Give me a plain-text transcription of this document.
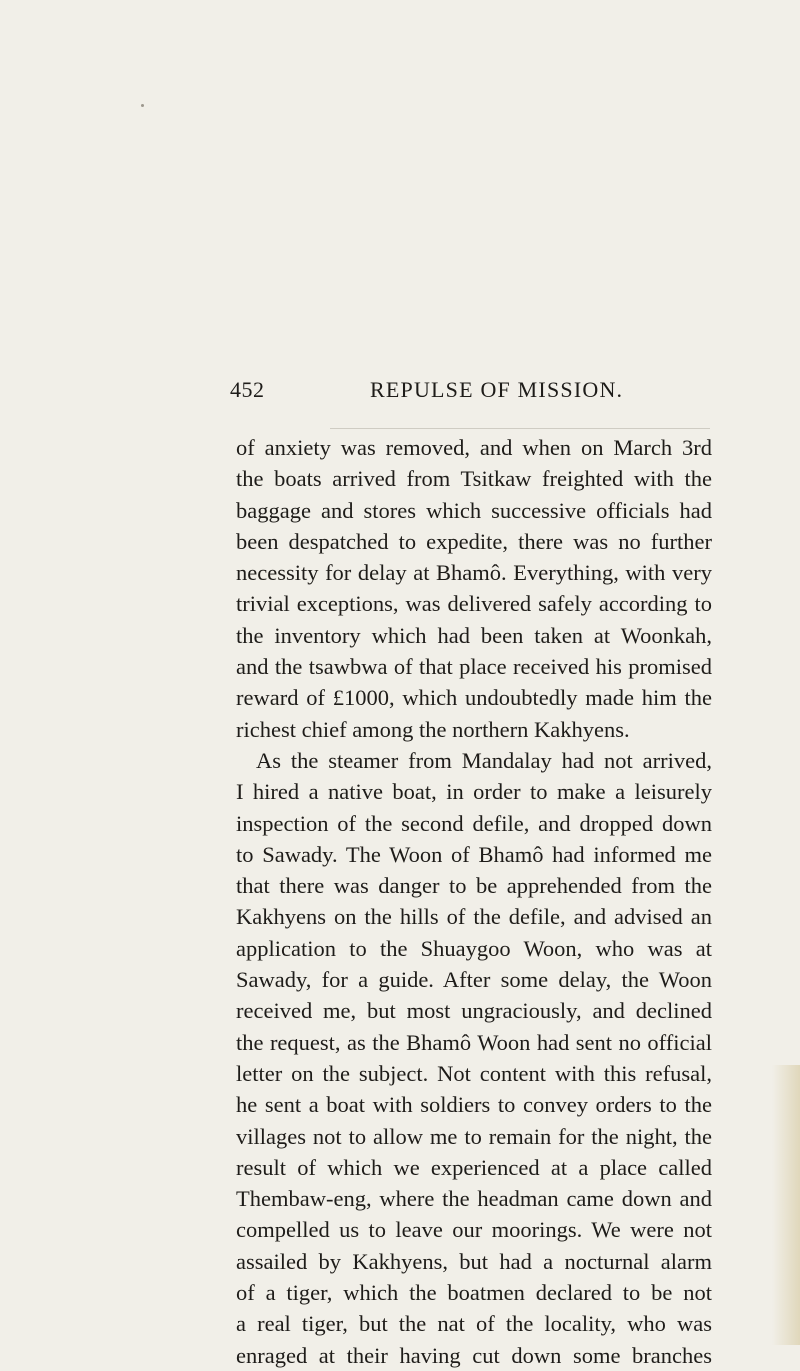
452	REPULSE OF MISSION.
of anxiety was removed, and when on March 3rd
the boats arrived from Tsitkaw freighted with the
baggage and stores which successive officials had
been despatched to expedite, there was no further
necessity for delay at Bhamô. Everything, with very
trivial exceptions, was delivered safely according to
the inventory which had been taken at Woonkah,
and the tsawbwa of that place received his promised
reward of £1000, which undoubtedly made him the
richest chief among the northern Kakhyens.
As the steamer from Mandalay had not arrived,
I hired a native boat, in order to make a leisurely
inspection of the second defile, and dropped down
to Sawady. The Woon of Bhamô had informed me
that there was danger to be apprehended from the
Kakhyens on the hills of the defile, and advised an
application to the Shuaygoo Woon, who was at
Sawady, for a guide. After some delay, the Woon
received me, but most ungraciously, and declined
the request, as the Bhamô Woon had sent no official
letter on the subject. Not content with this refusal,
he sent a boat with soldiers to convey orders to the
villages not to allow me to remain for the night, the
result of which we experienced at a place called
Thembaw-eng, where the headman came down and
compelled us to leave our moorings. We were not
assailed by Kakhyens, but had a nocturnal alarm
of a tiger, which the boatmen declared to be not
a real tiger, but the nat of the locality, who was
enraged at their having cut down some branches
